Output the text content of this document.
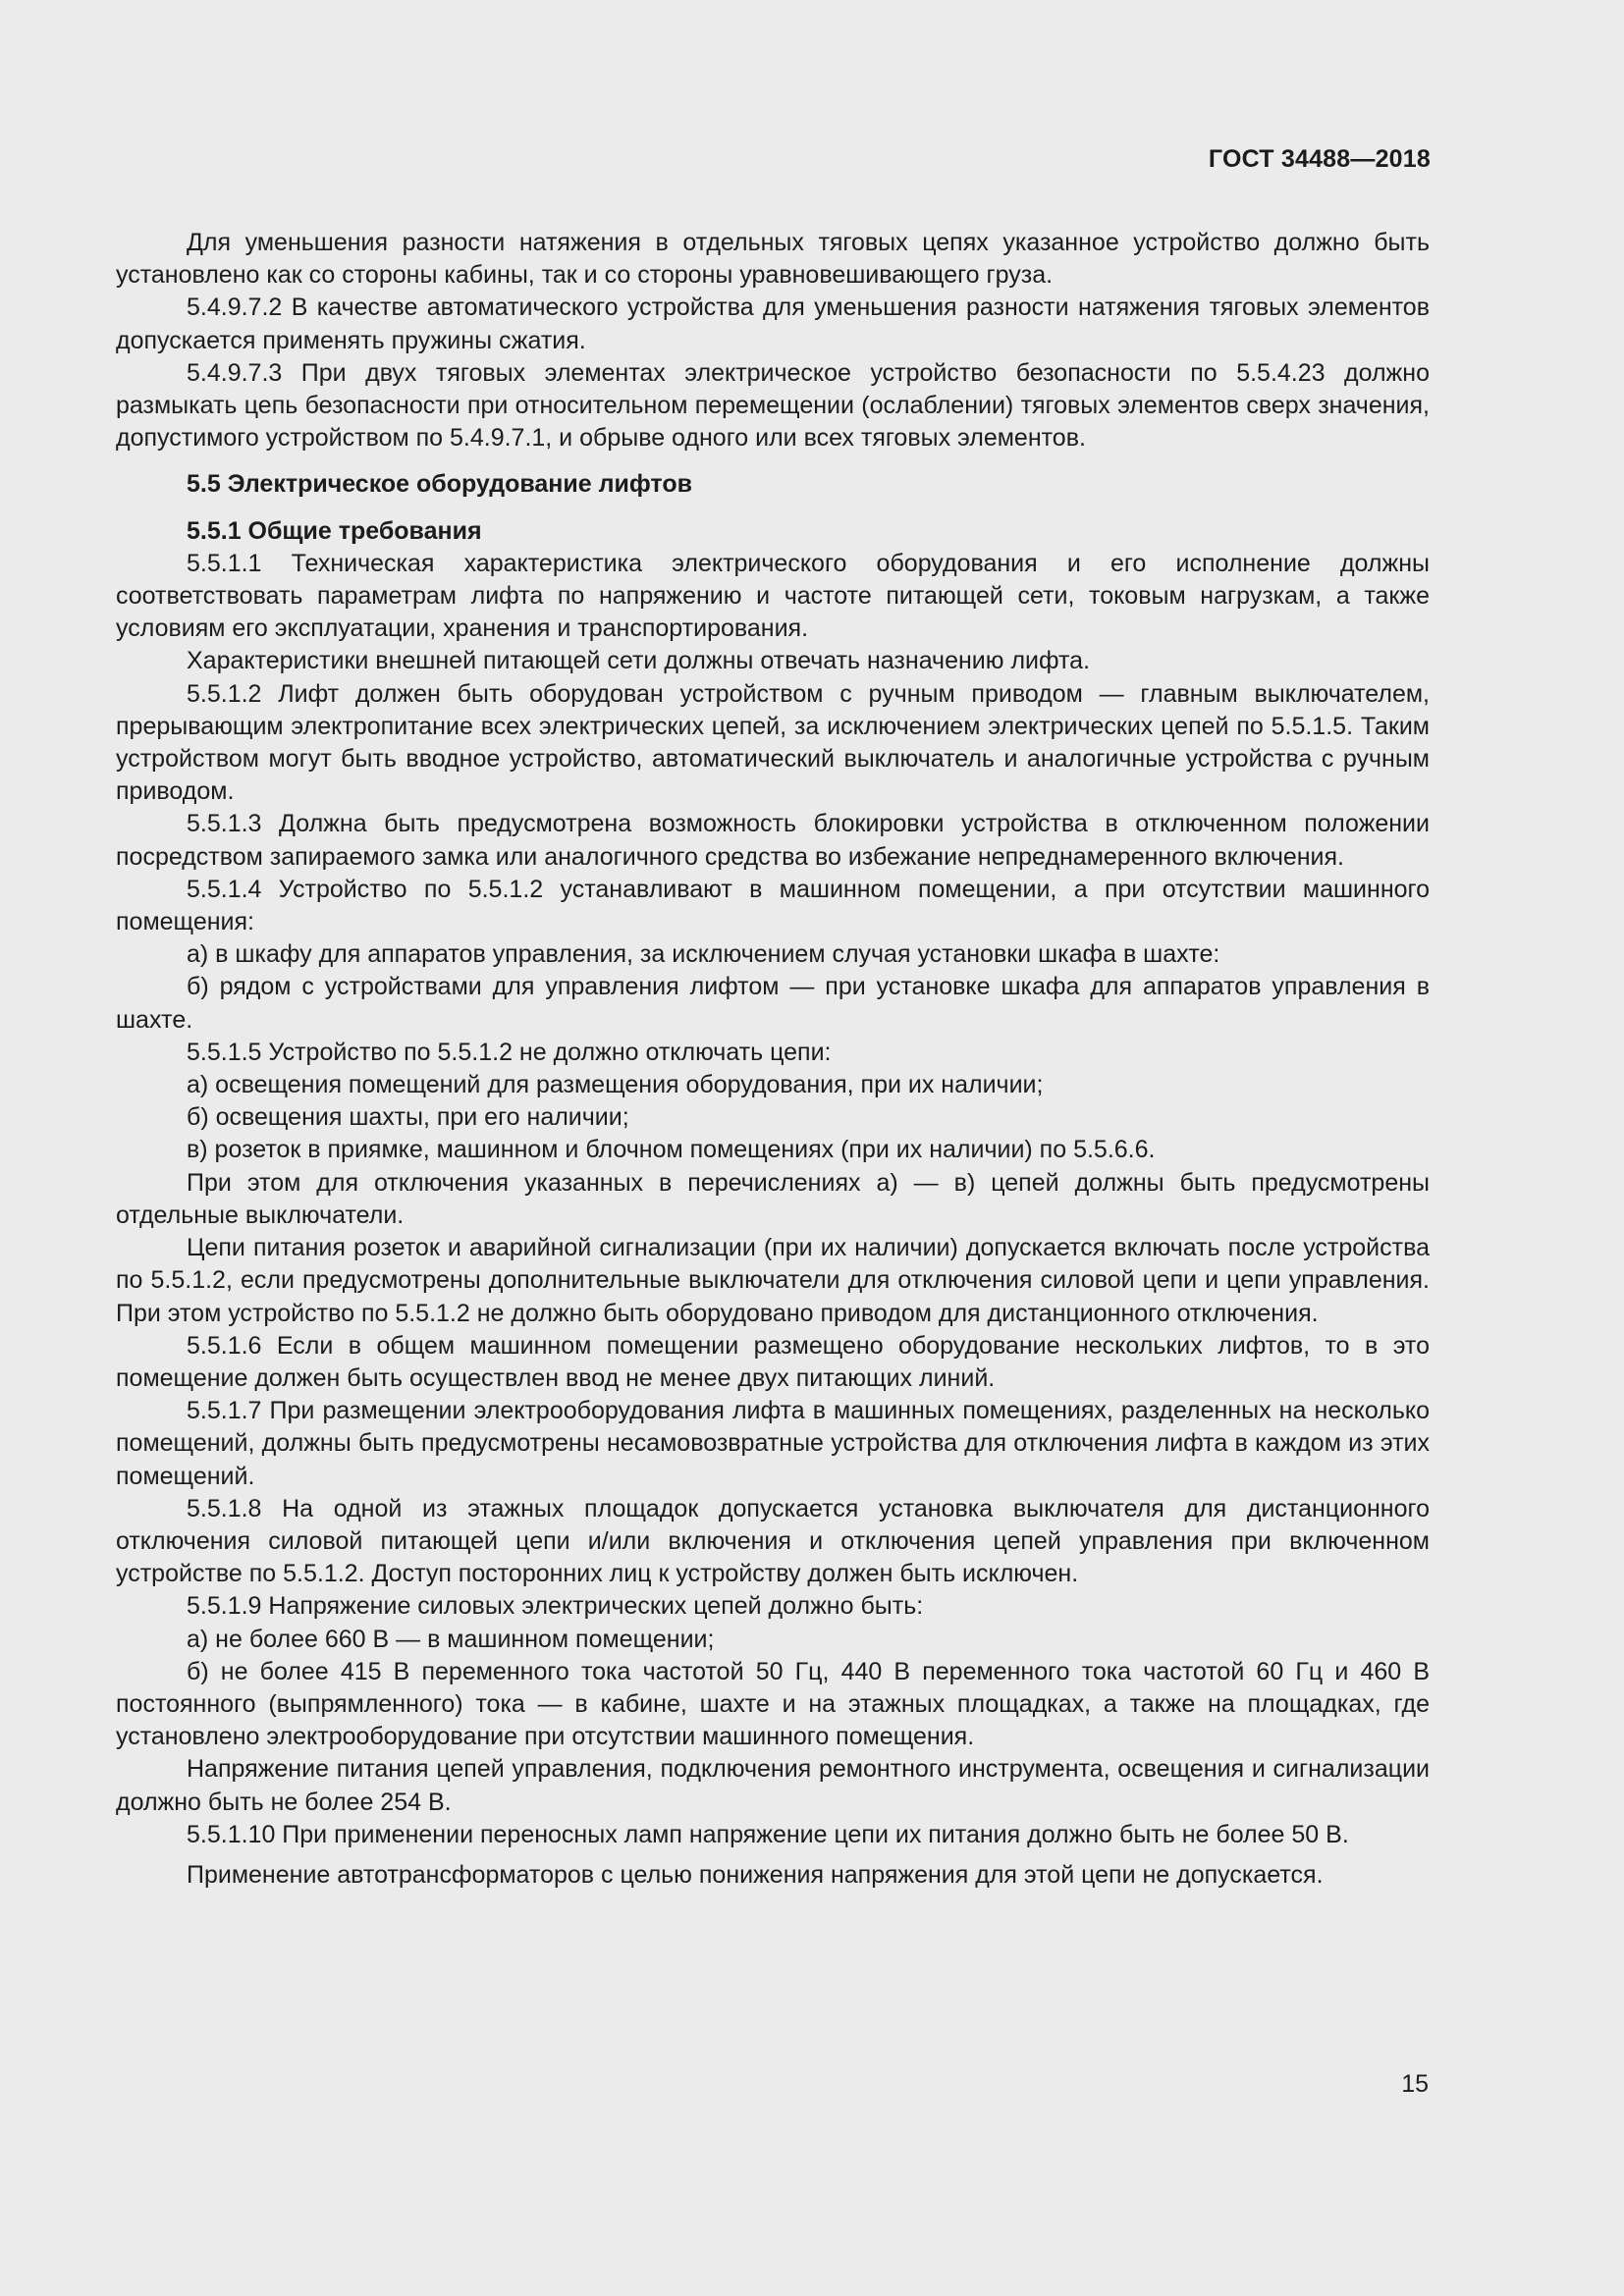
ГОСТ 34488—2018

Для уменьшения разности натяжения в отдельных тяговых цепях указанное устройство должно быть установлено как со стороны кабины, так и со стороны уравновешивающего груза.

5.4.9.7.2 В качестве автоматического устройства для уменьшения разности натяжения тяговых элементов допускается применять пружины сжатия.

5.4.9.7.3 При двух тяговых элементах электрическое устройство безопасности по 5.5.4.23 должно размыкать цепь безопасности при относительном перемещении (ослаблении) тяговых элементов сверх значения, допустимого устройством по 5.4.9.7.1, и обрыве одного или всех тяговых элементов.

5.5 Электрическое оборудование лифтов

5.5.1 Общие требования

5.5.1.1 Техническая характеристика электрического оборудования и его исполнение должны соответствовать параметрам лифта по напряжению и частоте питающей сети, токовым нагрузкам, а также условиям его эксплуатации, хранения и транспортирования.

Характеристики внешней питающей сети должны отвечать назначению лифта.

5.5.1.2 Лифт должен быть оборудован устройством с ручным приводом — главным выключателем, прерывающим электропитание всех электрических цепей, за исключением электрических цепей по 5.5.1.5. Таким устройством могут быть вводное устройство, автоматический выключатель и аналогичные устройства с ручным приводом.

5.5.1.3 Должна быть предусмотрена возможность блокировки устройства в отключенном положении посредством запираемого замка или аналогичного средства во избежание непреднамеренного включения.

5.5.1.4 Устройство по 5.5.1.2 устанавливают в машинном помещении, а при отсутствии машинного помещения:

а) в шкафу для аппаратов управления, за исключением случая установки шкафа в шахте:

б) рядом с устройствами для управления лифтом — при установке шкафа для аппаратов управления в шахте.

5.5.1.5 Устройство по 5.5.1.2 не должно отключать цепи:

а) освещения помещений для размещения оборудования, при их наличии;

б) освещения шахты, при его наличии;

в) розеток в приямке, машинном и блочном помещениях (при их наличии) по 5.5.6.6.

При этом для отключения указанных в перечислениях а) — в) цепей должны быть предусмотрены отдельные выключатели.

Цепи питания розеток и аварийной сигнализации (при их наличии) допускается включать после устройства по 5.5.1.2, если предусмотрены дополнительные выключатели для отключения силовой цепи и цепи управления. При этом устройство по 5.5.1.2 не должно быть оборудовано приводом для дистанционного отключения.

5.5.1.6 Если в общем машинном помещении размещено оборудование нескольких лифтов, то в это помещение должен быть осуществлен ввод не менее двух питающих линий.

5.5.1.7 При размещении электрооборудования лифта в машинных помещениях, разделенных на несколько помещений, должны быть предусмотрены несамовозвратные устройства для отключения лифта в каждом из этих помещений.

5.5.1.8 На одной из этажных площадок допускается установка выключателя для дистанционного отключения силовой питающей цепи и/или включения и отключения цепей управления при включенном устройстве по 5.5.1.2. Доступ посторонних лиц к устройству должен быть исключен.

5.5.1.9 Напряжение силовых электрических цепей должно быть:

а) не более 660 В — в машинном помещении;

б) не более 415 В переменного тока частотой 50 Гц, 440 В переменного тока частотой 60 Гц и 460 В постоянного (выпрямленного) тока — в кабине, шахте и на этажных площадках, а также на площадках, где установлено электрооборудование при отсутствии машинного помещения.

Напряжение питания цепей управления, подключения ремонтного инструмента, освещения и сигнализации должно быть не более 254 В.

5.5.1.10 При применении переносных ламп напряжение цепи их питания должно быть не более 50 В.

Применение автотрансформаторов с целью понижения напряжения для этой цепи не допускается.

15
